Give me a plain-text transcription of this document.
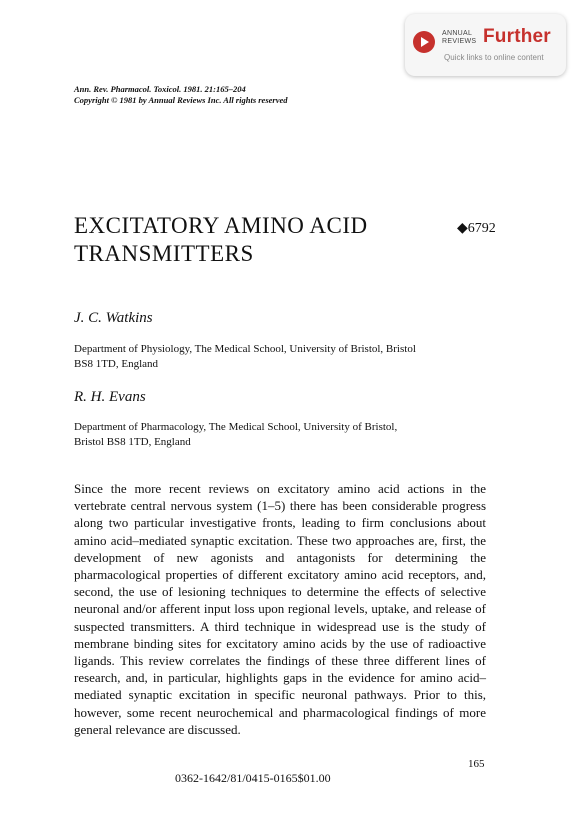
ANNUAL
REVIEWS Further
Quick links to online content
Ann. Rev. Pharmacol. Toxicol. 1981. 21:165–204
Copyright © 1981 by Annual Reviews Inc. All rights reserved
EXCITATORY AMINO ACID
TRANSMITTERS
◆6792
J. C. Watkins
Department of Physiology, The Medical School, University of Bristol, Bristol
BS8 1TD, England
R. H. Evans
Department of Pharmacology, The Medical School, University of Bristol,
Bristol BS8 1TD, England
Since the more recent reviews on excitatory amino acid actions in the vertebrate central nervous system (1–5) there has been considerable progress along two particular investigative fronts, leading to firm conclusions about amino acid–mediated synaptic excitation. These two approaches are, first, the development of new agonists and antagonists for determining the pharmacological properties of different excitatory amino acid receptors, and, second, the use of lesioning techniques to determine the effects of selective neuronal and/or afferent input loss upon regional levels, uptake, and release of suspected transmitters. A third technique in widespread use is the study of membrane binding sites for excitatory amino acids by the use of radioactive ligands. This review correlates the findings of these three different lines of research, and, in particular, highlights gaps in the evidence for amino acid–mediated synaptic excitation in specific neuronal pathways. Prior to this, however, some recent neurochemical and pharmacological findings of more general relevance are discussed.
165
0362-1642/81/0415-0165$01.00
